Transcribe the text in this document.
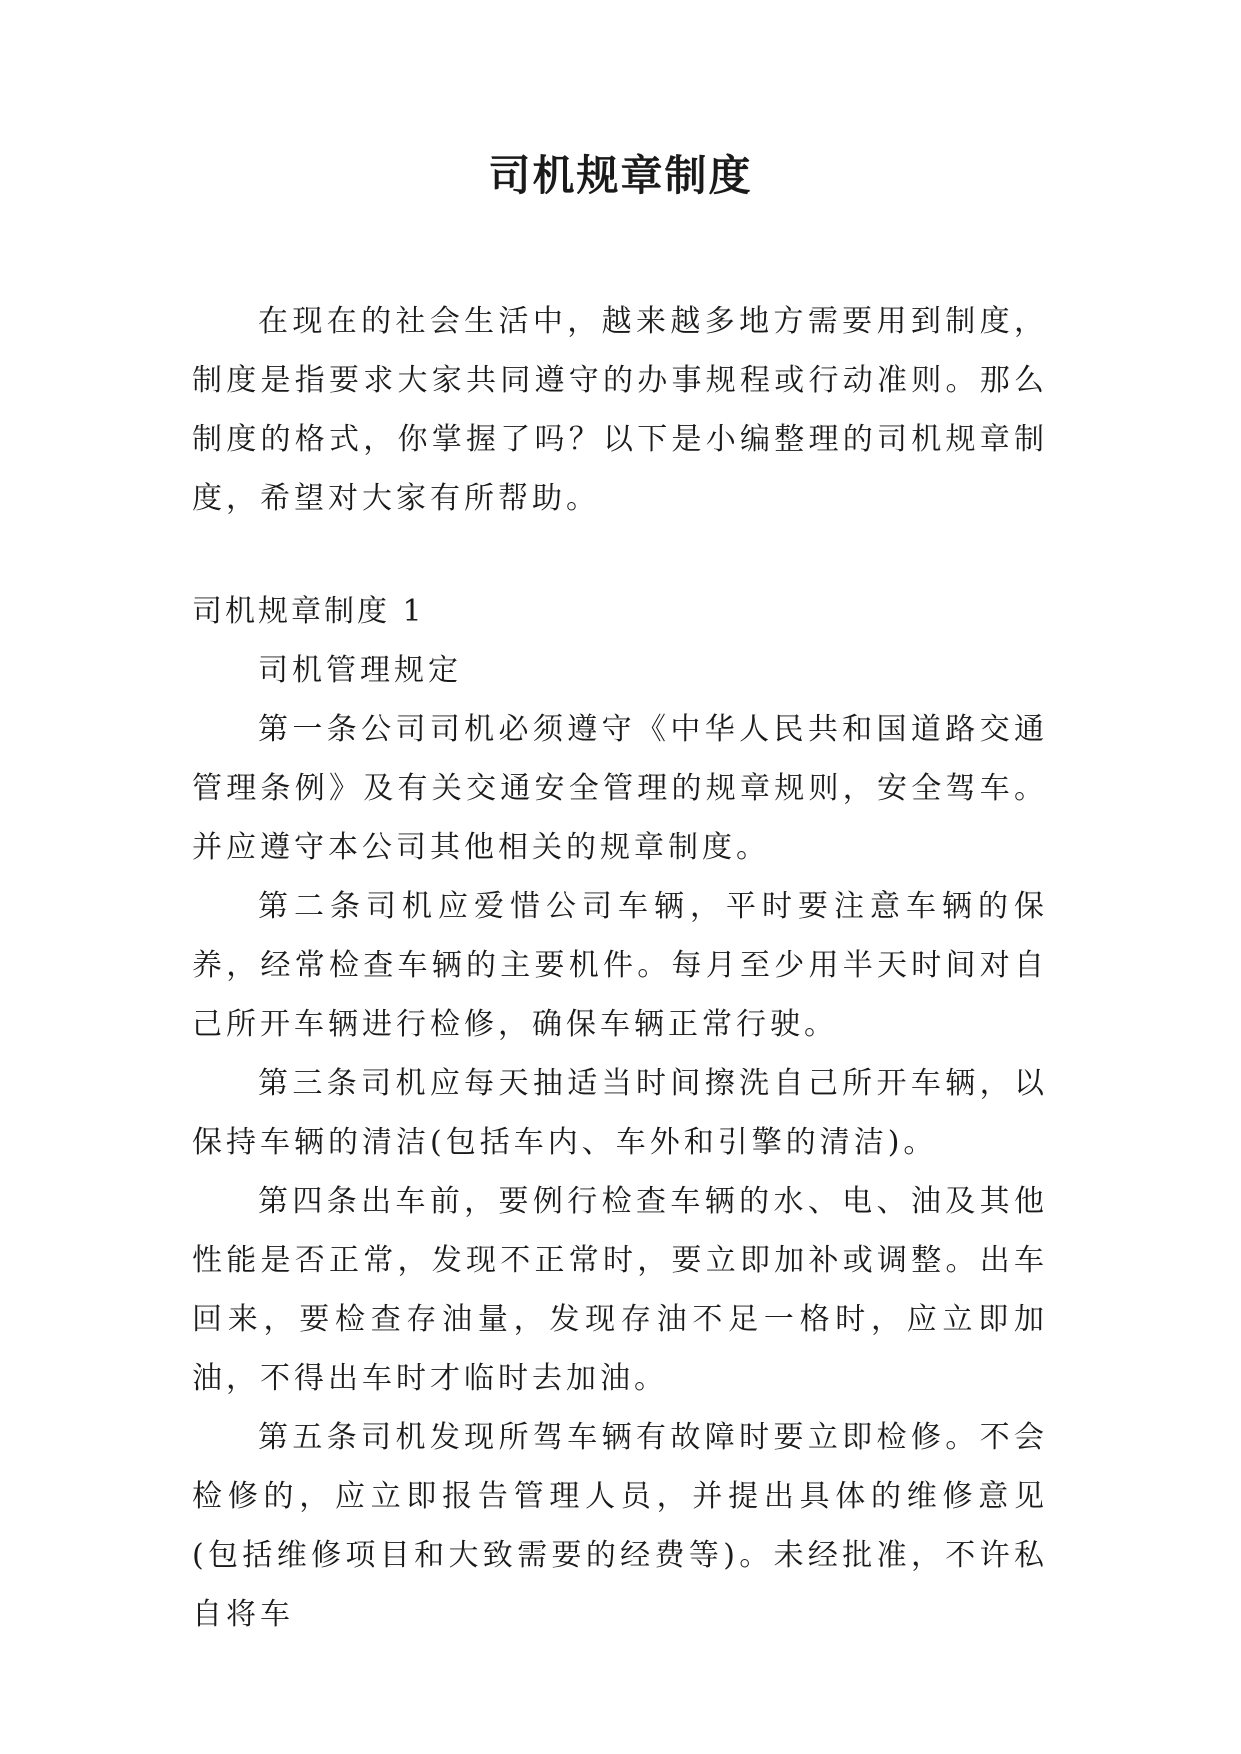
司机规章制度

在现在的社会生活中，越来越多地方需要用到制度，制度是指要求大家共同遵守的办事规程或行动准则。那么制度的格式，你掌握了吗？以下是小编整理的司机规章制度，希望对大家有所帮助。

司机规章制度 1

司机管理规定

第一条公司司机必须遵守《中华人民共和国道路交通管理条例》及有关交通安全管理的规章规则，安全驾车。并应遵守本公司其他相关的规章制度。

第二条司机应爱惜公司车辆，平时要注意车辆的保养，经常检查车辆的主要机件。每月至少用半天时间对自己所开车辆进行检修，确保车辆正常行驶。

第三条司机应每天抽适当时间擦洗自己所开车辆，以保持车辆的清洁(包括车内、车外和引擎的清洁)。

第四条出车前，要例行检查车辆的水、电、油及其他性能是否正常，发现不正常时，要立即加补或调整。出车回来，要检查存油量，发现存油不足一格时，应立即加油，不得出车时才临时去加油。

第五条司机发现所驾车辆有故障时要立即检修。不会检修的，应立即报告管理人员，并提出具体的维修意见(包括维修项目和大致需要的经费等)。未经批准，不许私自将车
